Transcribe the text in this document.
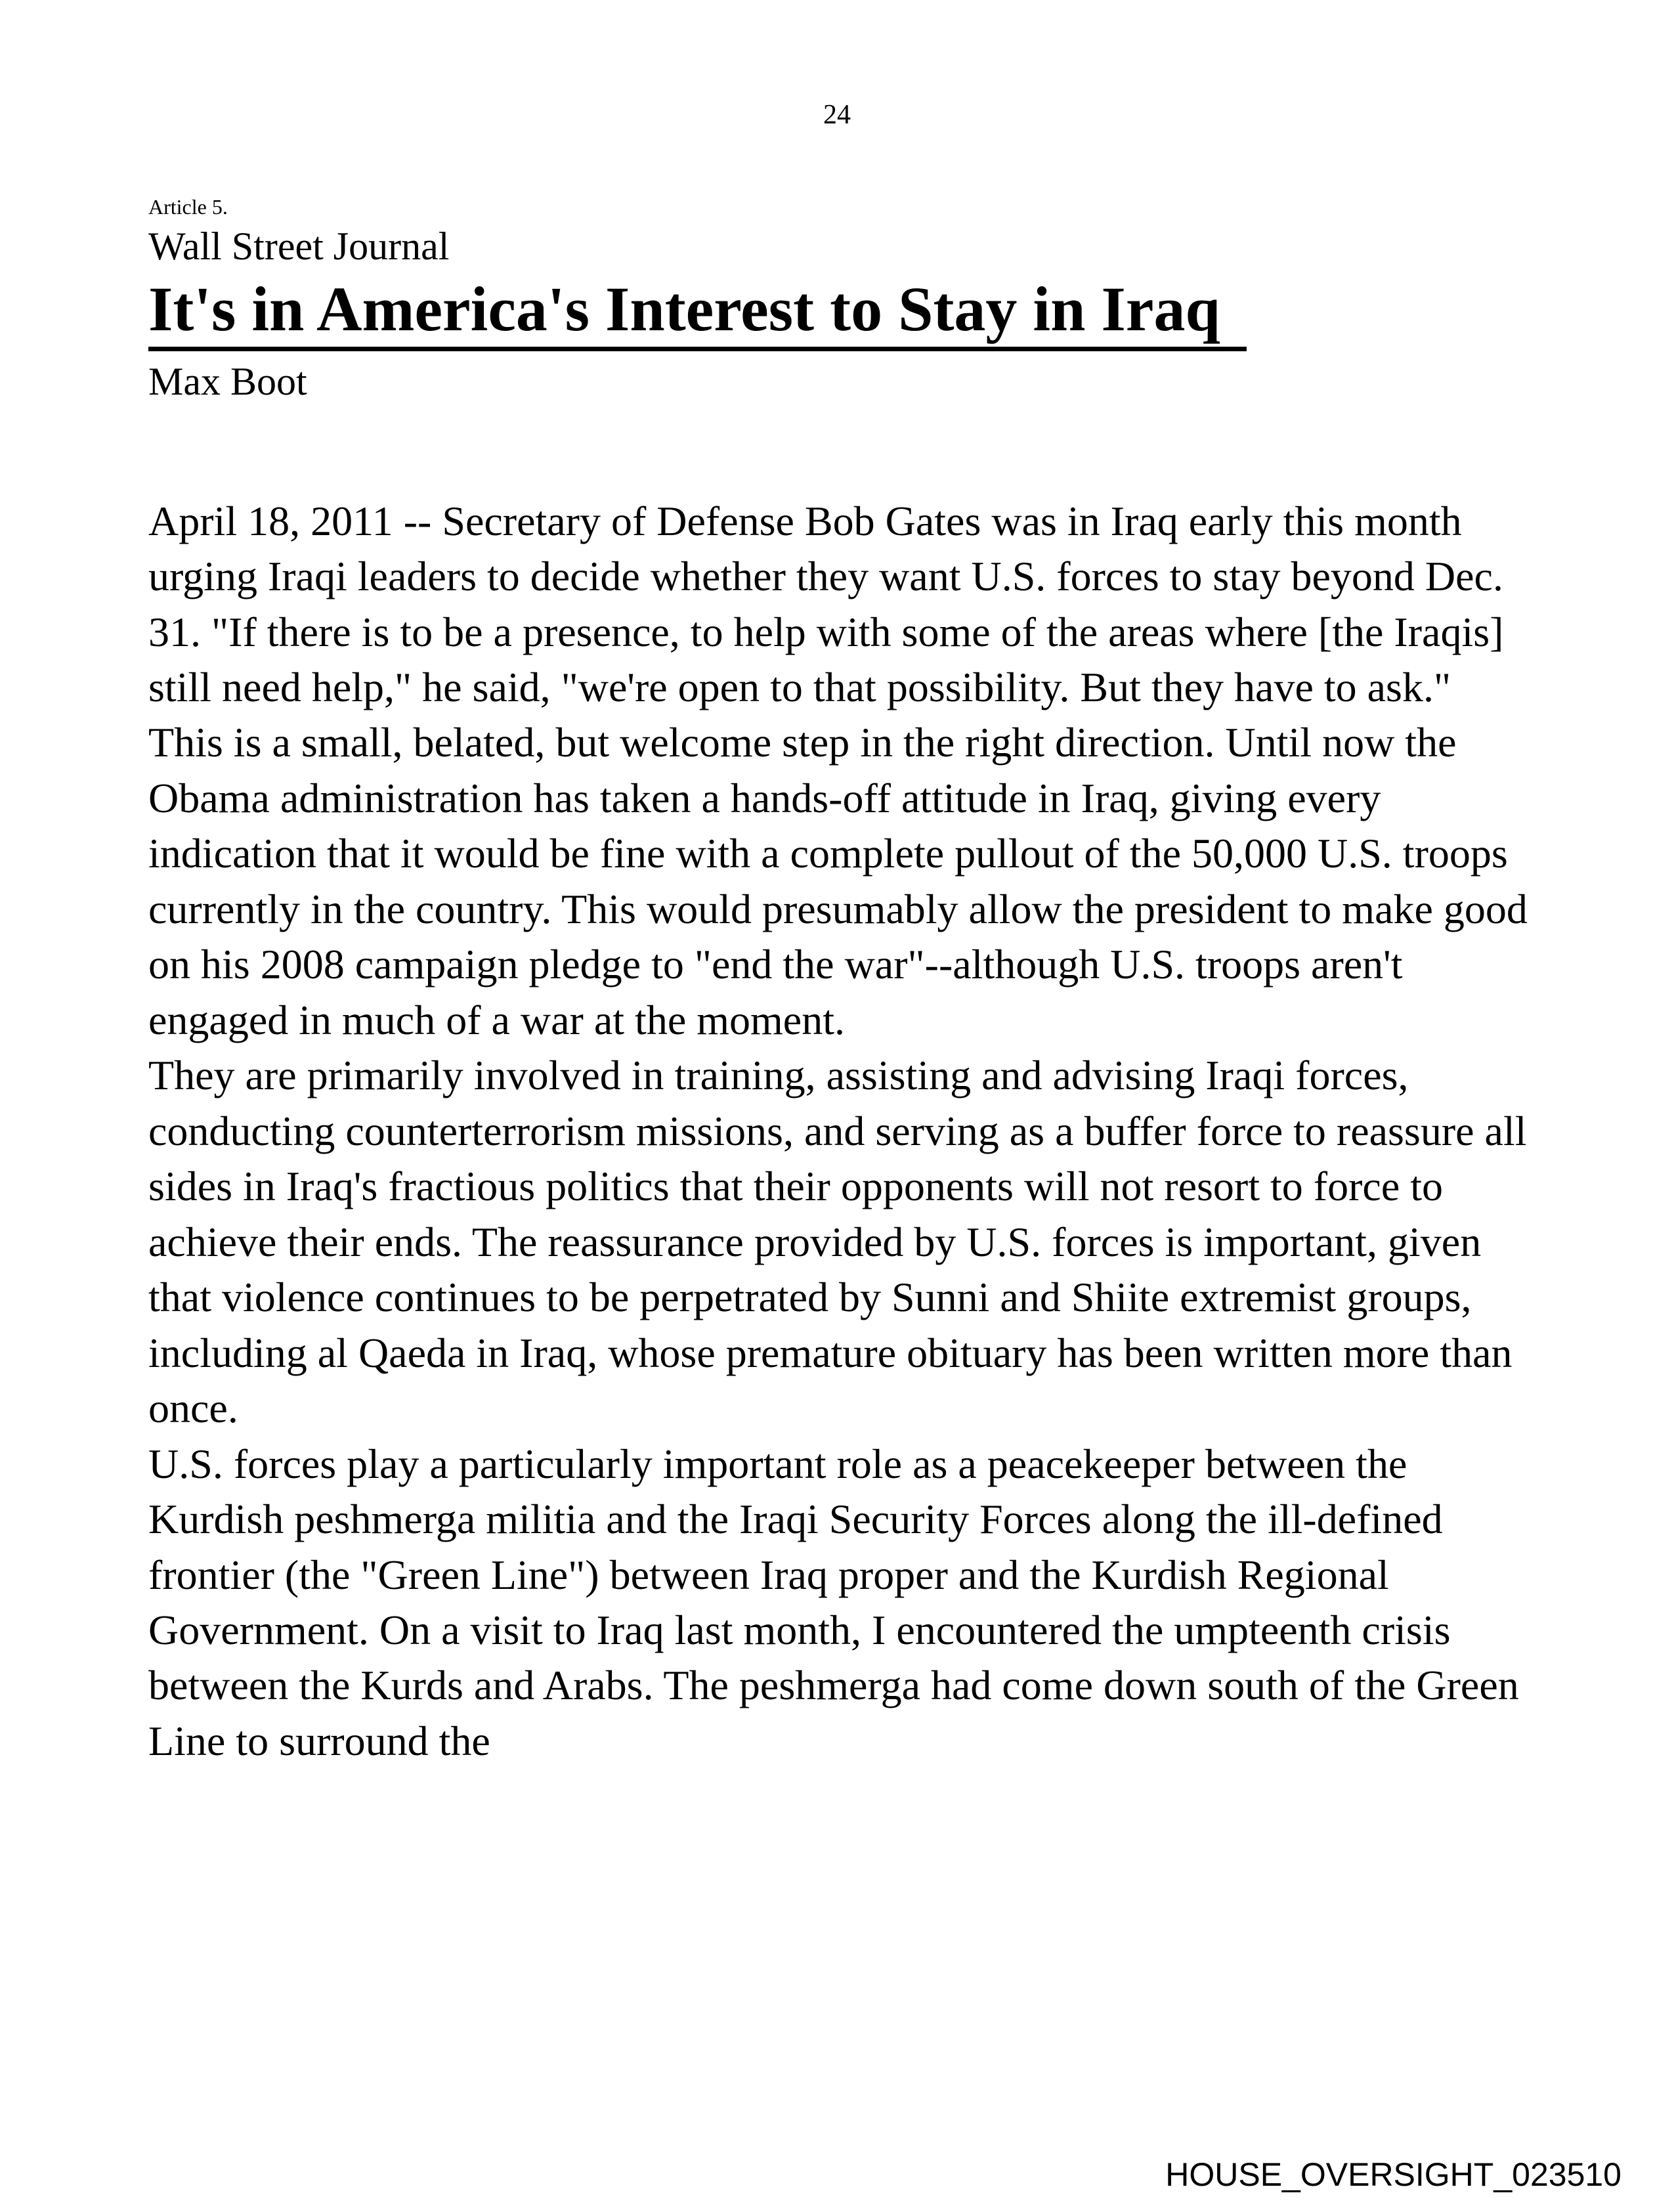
24
Article 5.
Wall Street Journal
It's in America's Interest to Stay in Iraq
Max Boot

April 18, 2011 -- Secretary of Defense Bob Gates was in Iraq early this month urging Iraqi leaders to decide whether they want U.S. forces to stay beyond Dec. 31. "If there is to be a presence, to help with some of the areas where [the Iraqis] still need help," he said, "we're open to that possibility. But they have to ask."

This is a small, belated, but welcome step in the right direction. Until now the Obama administration has taken a hands-off attitude in Iraq, giving every indication that it would be fine with a complete pullout of the 50,000 U.S. troops currently in the country. This would presumably allow the president to make good on his 2008 campaign pledge to "end the war"--although U.S. troops aren't engaged in much of a war at the moment.

They are primarily involved in training, assisting and advising Iraqi forces, conducting counterterrorism missions, and serving as a buffer force to reassure all sides in Iraq's fractious politics that their opponents will not resort to force to achieve their ends. The reassurance provided by U.S. forces is important, given that violence continues to be perpetrated by Sunni and Shiite extremist groups, including al Qaeda in Iraq, whose premature obituary has been written more than once.

U.S. forces play a particularly important role as a peacekeeper between the Kurdish peshmerga militia and the Iraqi Security Forces along the ill-defined frontier (the "Green Line") between Iraq proper and the Kurdish Regional Government. On a visit to Iraq last month, I encountered the umpteenth crisis between the Kurds and Arabs. The peshmerga had come down south of the Green Line to surround the

HOUSE_OVERSIGHT_023510
